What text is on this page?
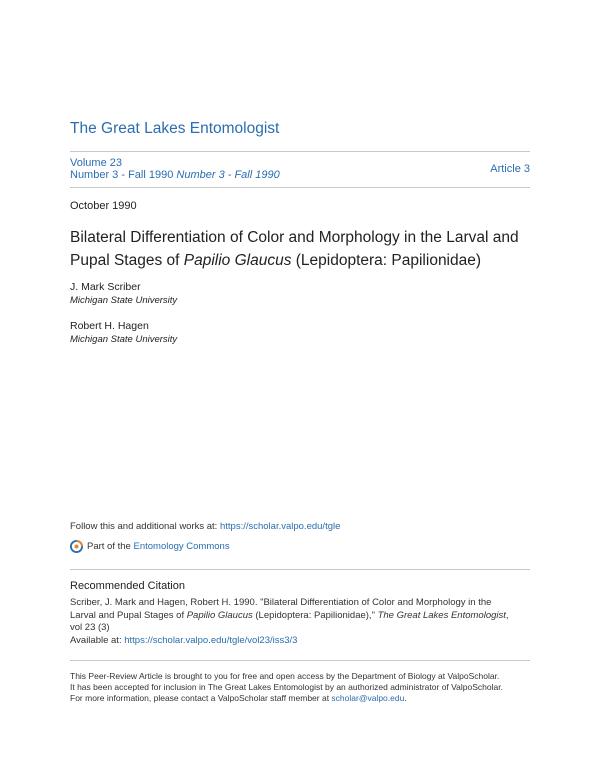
The Great Lakes Entomologist
Volume 23
Number 3 - Fall 1990 Number 3 - Fall 1990	Article 3
October 1990
Bilateral Differentiation of Color and Morphology in the Larval and Pupal Stages of Papilio Glaucus (Lepidoptera: Papilionidae)
J. Mark Scriber
Michigan State University
Robert H. Hagen
Michigan State University
Follow this and additional works at: https://scholar.valpo.edu/tgle
Part of the Entomology Commons
Recommended Citation
Scriber, J. Mark and Hagen, Robert H. 1990. "Bilateral Differentiation of Color and Morphology in the
Larval and Pupal Stages of Papilio Glaucus (Lepidoptera: Papilionidae)," The Great Lakes Entomologist,
vol 23 (3)
Available at: https://scholar.valpo.edu/tgle/vol23/iss3/3
This Peer-Review Article is brought to you for free and open access by the Department of Biology at ValpoScholar.
It has been accepted for inclusion in The Great Lakes Entomologist by an authorized administrator of ValpoScholar.
For more information, please contact a ValpoScholar staff member at scholar@valpo.edu.
